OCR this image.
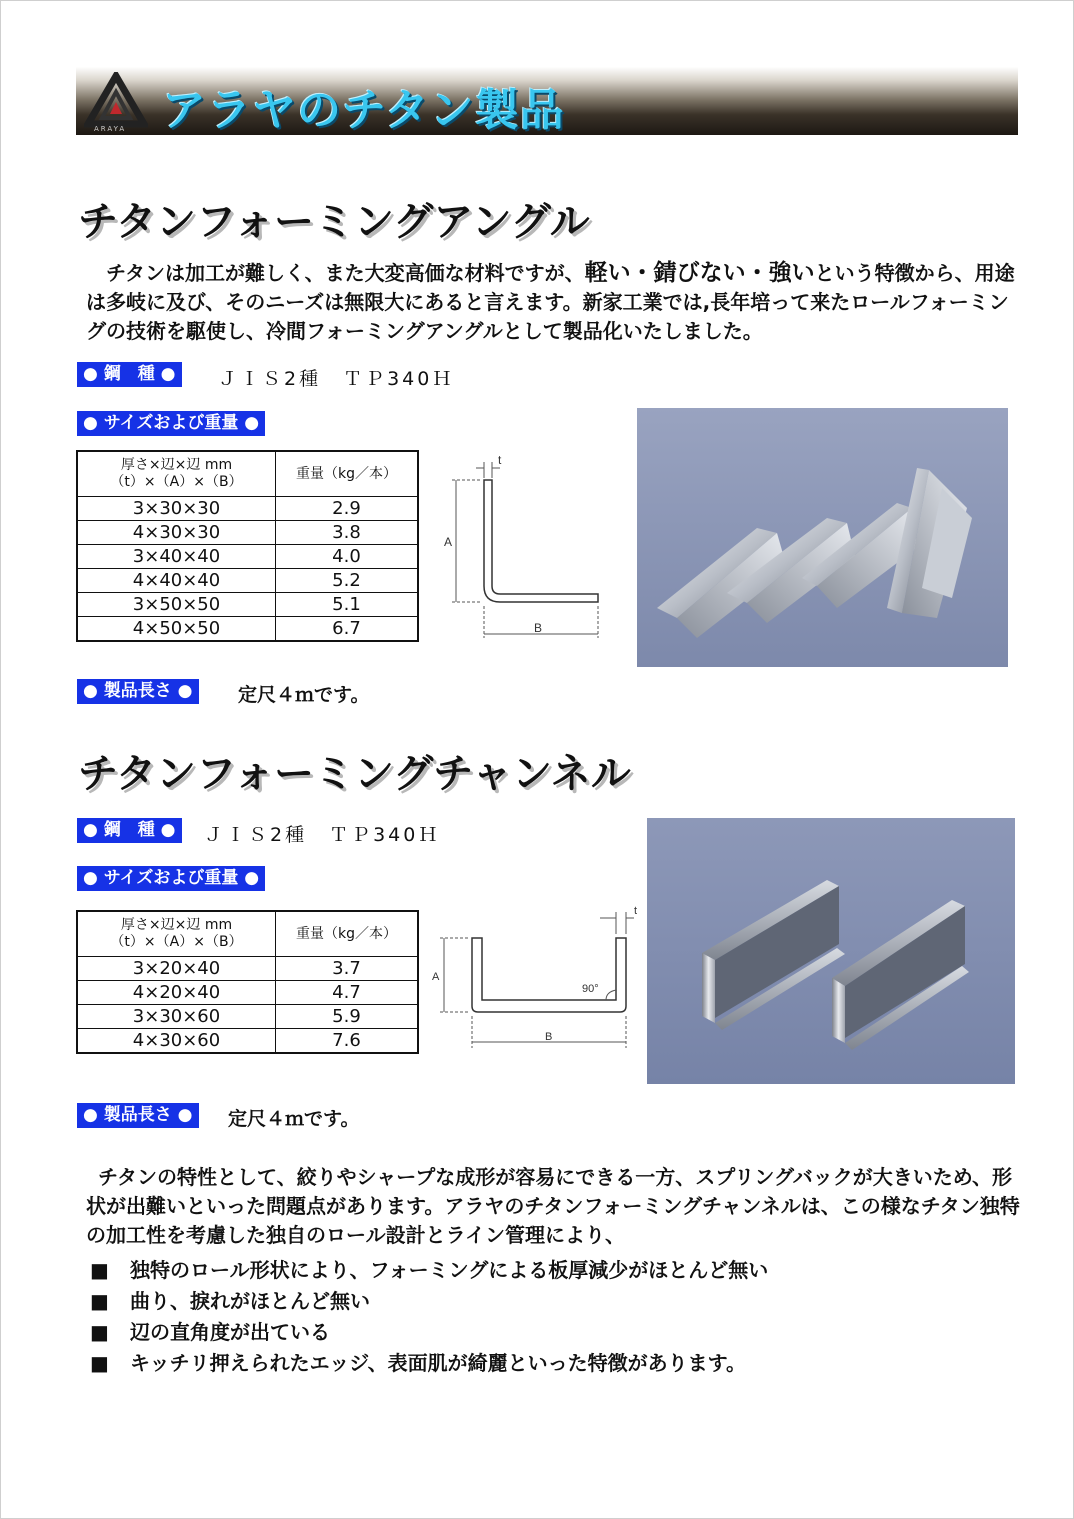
ARAYA アラヤのチタン製品
チタンフォーミングアングル
チタンは加工が難しく、また大変高価な材料ですが、軽い・錆びない・強いという特徴から、用途は多岐に及び、そのニーズは無限大にあると言えます。新家工業では,長年培って来たロールフォーミングの技術を駆使し、冷間フォーミングアングルとして製品化いたしました。
● 鋼　種 ●	ＪＩＳ2種　ＴＰ340Ｈ
● サイズおよび重量 ●
厚さ×辺×辺 mm
（t）×（A）×（B）	重量（kg／本）
3×30×30	2.9
4×30×30	3.8
3×40×40	4.0
4×40×40	5.2
3×50×50	5.1
4×50×50	6.7
t
A
B
● 製品長さ ●	定尺４ｍです。
チタンフォーミングチャンネル
● 鋼　種 ●	ＪＩＳ2種　ＴＰ340Ｈ
● サイズおよび重量 ●
厚さ×辺×辺 mm
（t）×（A）×（B）	重量（kg／本）
3×20×40	3.7
4×20×40	4.7
3×30×60	5.9
4×30×60	7.6
t
A
B
90°
● 製品長さ ●	定尺４ｍです。
チタンの特性として、絞りやシャープな成形が容易にできる一方、スプリングバックが大きいため、形状が出難いといった問題点があります。アラヤのチタンフォーミングチャンネルは、この様なチタン独特の加工性を考慮した独自のロール設計とライン管理により、
■ 独特のロール形状により、フォーミングによる板厚減少がほとんど無い
■ 曲り、捩れがほとんど無い
■ 辺の直角度が出ている
■ キッチリ押えられたエッジ、表面肌が綺麗といった特徴があります。
